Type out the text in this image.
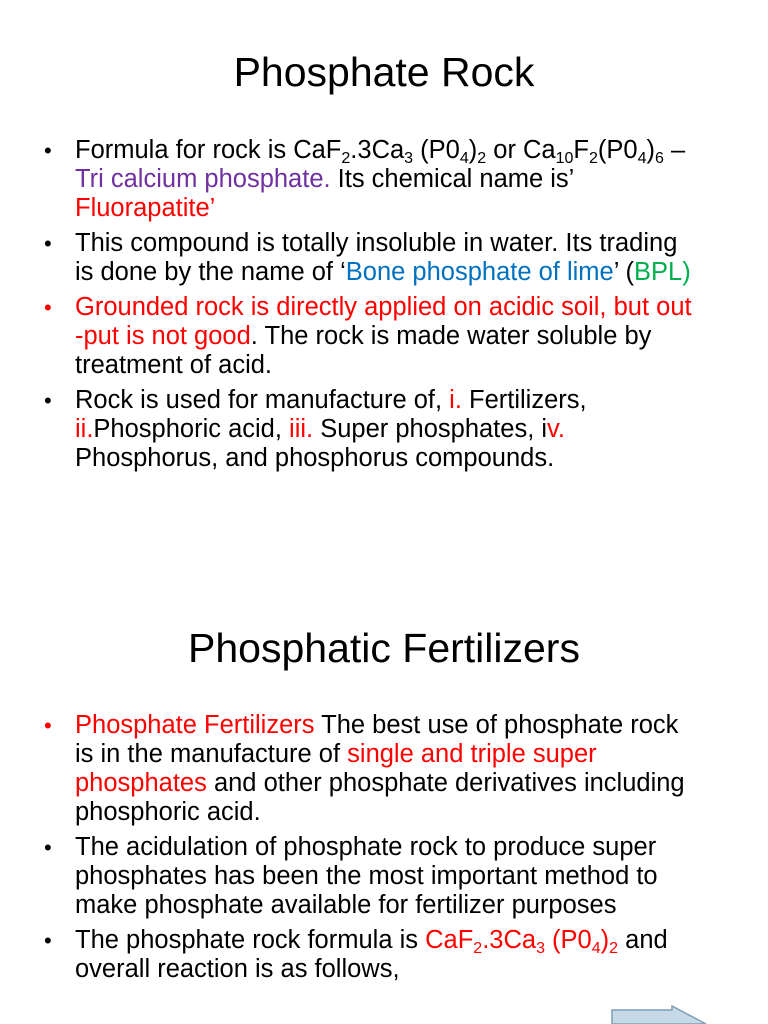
Phosphate Rock
• Formula for rock is $CaF_2.3Ca_3$ $(P0_4)_2$ or $Ca_{10}F_2(P0_4)_6$ – Tri calcium phosphate. Its chemical name is’ Fluorapatite’
• This compound is totally insoluble in water. Its trading is done by the name of ‘Bone phosphate of lime’ (BPL)
• Grounded rock is directly applied on acidic soil, but out -put is not good. The rock is made water soluble by treatment of acid.
• Rock is used for manufacture of, i. Fertilizers, ii.Phosphoric acid, iii. Super phosphates, iv. Phosphorus, and phosphorus compounds.
Phosphatic Fertilizers
• Phosphate Fertilizers The best use of phosphate rock is in the manufacture of single and triple super phosphates and other phosphate derivatives including phosphoric acid.
• The acidulation of phosphate rock to produce super phosphates has been the most important method to make phosphate available for fertilizer purposes
• The phosphate rock formula is $CaF_2.3Ca_3$ $(P0_4)_2$ and overall reaction is as follows,
